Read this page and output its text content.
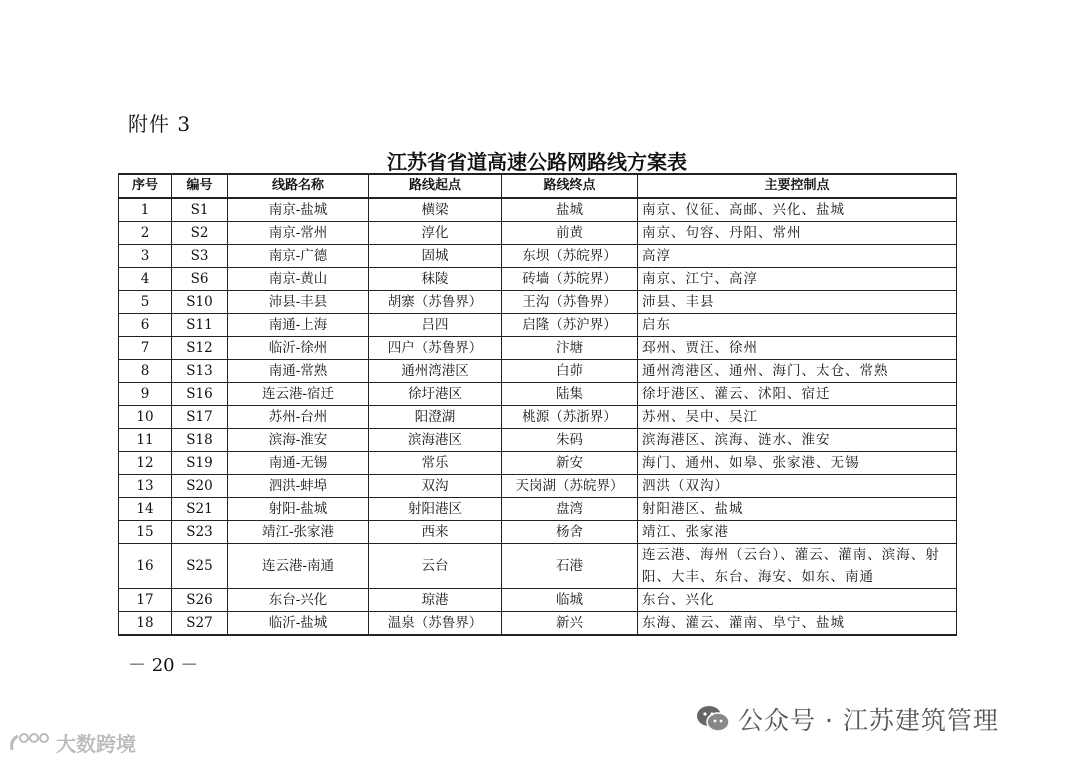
附件 3
江苏省省道高速公路网路线方案表
序号	编号	线路名称	路线起点	路线终点	主要控制点
1	S1	南京-盐城	横梁	盐城	南京、仪征、高邮、兴化、盐城
2	S2	南京-常州	淳化	前黄	南京、句容、丹阳、常州
3	S3	南京-广德	固城	东坝（苏皖界）	高淳
4	S6	南京-黄山	秣陵	砖墙（苏皖界）	南京、江宁、高淳
5	S10	沛县-丰县	胡寨（苏鲁界）	王沟（苏鲁界）	沛县、丰县
6	S11	南通-上海	吕四	启隆（苏沪界）	启东
7	S12	临沂-徐州	四户（苏鲁界）	汴塘	邳州、贾汪、徐州
8	S13	南通-常熟	通州湾港区	白茆	通州湾港区、通州、海门、太仓、常熟
9	S16	连云港-宿迁	徐圩港区	陆集	徐圩港区、灌云、沭阳、宿迁
10	S17	苏州-台州	阳澄湖	桃源（苏浙界）	苏州、吴中、吴江
11	S18	滨海-淮安	滨海港区	朱码	滨海港区、滨海、涟水、淮安
12	S19	南通-无锡	常乐	新安	海门、通州、如皋、张家港、无锡
13	S20	泗洪-蚌埠	双沟	天岗湖（苏皖界）	泗洪（双沟）
14	S21	射阳-盐城	射阳港区	盘湾	射阳港区、盐城
15	S23	靖江-张家港	西来	杨舍	靖江、张家港
16	S25	连云港-南通	云台	石港	连云港、海州（云台）、灌云、灌南、滨海、射阳、大丰、东台、海安、如东、南通
17	S26	东台-兴化	琼港	临城	东台、兴化
18	S27	临沂-盐城	温泉（苏鲁界）	新兴	东海、灌云、灌南、阜宁、盐城
－ 20 －
公众号 · 江苏建筑管理
大数跨境
